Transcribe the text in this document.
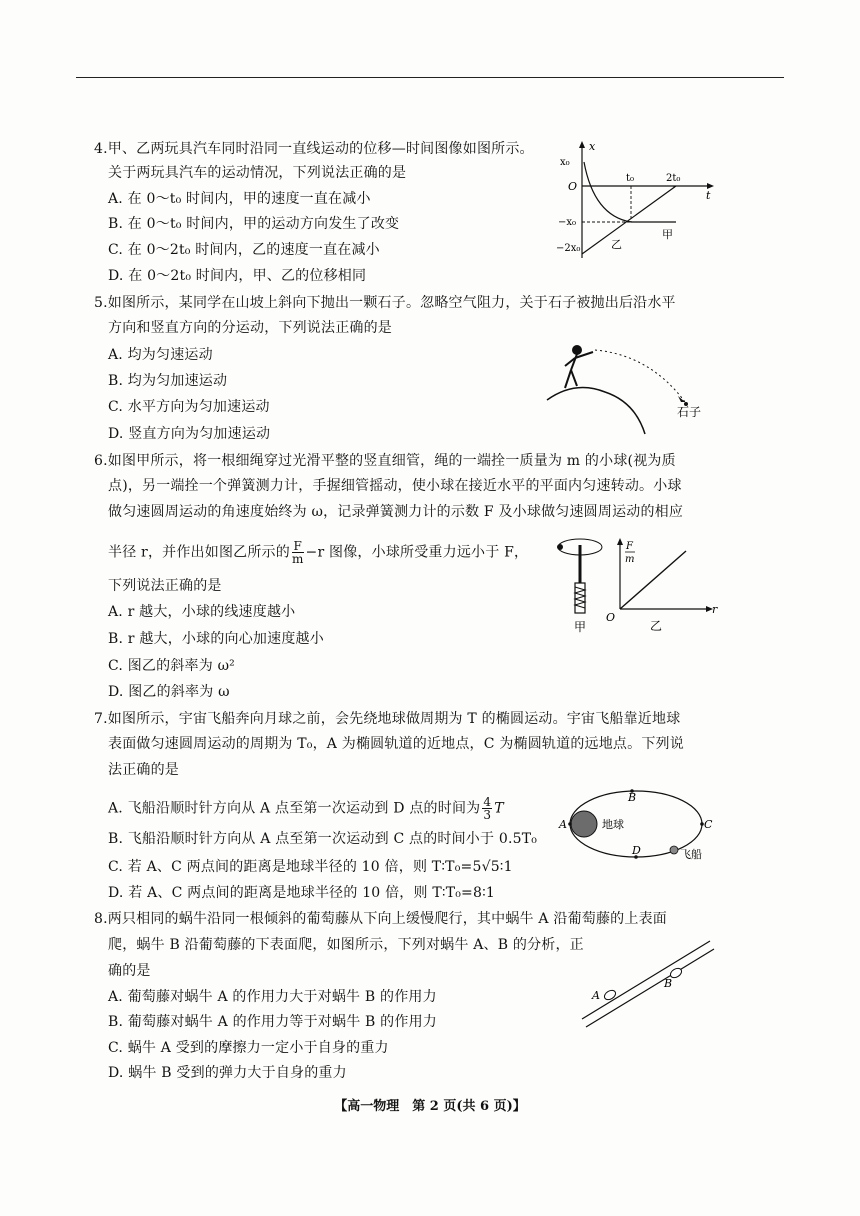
4.甲、乙两玩具汽车同时沿同一直线运动的位移—时间图像如图所示。
关于两玩具汽车的运动情况，下列说法正确的是
A. 在 0～t₀ 时间内，甲的速度一直在减小
B. 在 0～t₀ 时间内，甲的运动方向发生了改变
C. 在 0～2t₀ 时间内，乙的速度一直在减小
D. 在 0～2t₀ 时间内，甲、乙的位移相同
x
x₀
O
t₀	2t₀
t
−x₀
−2x₀
甲
乙
5.如图所示，某同学在山坡上斜向下抛出一颗石子。忽略空气阻力，关于石子被抛出后沿水平
方向和竖直方向的分运动，下列说法正确的是
A. 均为匀速运动
B. 均为匀加速运动
C. 水平方向为匀加速运动
D. 竖直方向为匀加速运动
石子
6.如图甲所示，将一根细绳穿过光滑平整的竖直细管，绳的一端拴一质量为 m 的小球(视为质
点)，另一端拴一个弹簧测力计，手握细管摇动，使小球在接近水平的平面内匀速转动。小球
做匀速圆周运动的角速度始终为 ω，记录弹簧测力计的示数 F 及小球做匀速圆周运动的相应
半径 r，并作出如图乙所示的 $\frac{F}{m} -r$ 图像，小球所受重力远小于 F，
下列说法正确的是
A. r 越大，小球的线速度越小
B. r 越大，小球的向心加速度越小
C. 图乙的斜率为 ω²
D. 图乙的斜率为 ω
甲
F
m
O
r
乙
7.如图所示，宇宙飞船奔向月球之前，会先绕地球做周期为 T 的椭圆运动。宇宙飞船靠近地球
表面做匀速圆周运动的周期为 T₀，A 为椭圆轨道的近地点，C 为椭圆轨道的远地点。下列说
法正确的是
A. 飞船沿顺时针方向从 A 点至第一次运动到 D 点的时间为 $\frac{4}{3}$ T
B. 飞船沿顺时针方向从 A 点至第一次运动到 C 点的时间小于 0.5T₀
C. 若 A、C 两点间的距离是地球半径的 10 倍，则 T∶T₀=5√5∶1
D. 若 A、C 两点间的距离是地球半径的 10 倍，则 T∶T₀=8∶1
地球
A
B
C
D	飞船
8.两只相同的蜗牛沿同一根倾斜的葡萄藤从下向上缓慢爬行，其中蜗牛 A 沿葡萄藤的上表面
爬，蜗牛 B 沿葡萄藤的下表面爬，如图所示，下列对蜗牛 A、B 的分析，正
确的是
A. 葡萄藤对蜗牛 A 的作用力大于对蜗牛 B 的作用力
B. 葡萄藤对蜗牛 A 的作用力等于对蜗牛 B 的作用力
C. 蜗牛 A 受到的摩擦力一定小于自身的重力
D. 蜗牛 B 受到的弹力大于自身的重力
A
B
【高一物理　第 2 页(共 6 页)】
